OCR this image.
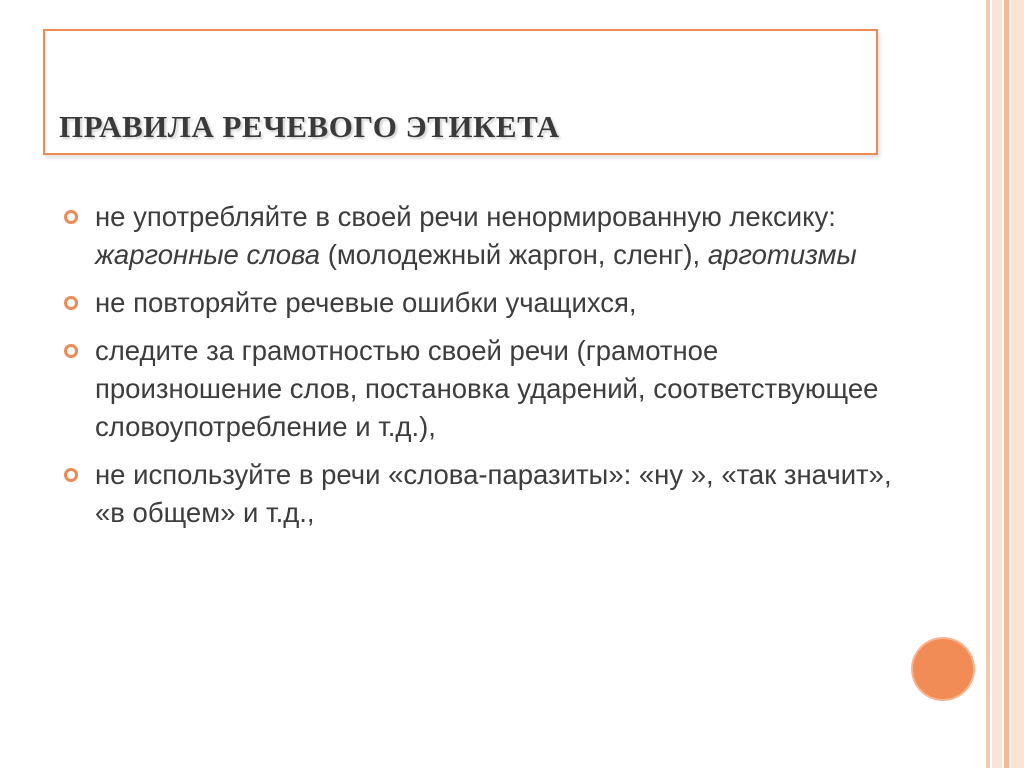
ПРАВИЛА РЕЧЕВОГО ЭТИКЕТА
не употребляйте в своей речи ненормированную лексику: жаргонные слова (молодежный жаргон, сленг), арготизмы
не повторяйте речевые ошибки учащихся,
следите за грамотностью своей речи (грамотное произношение слов, постановка ударений, соответствующее словоупотребление и т.д.),
не используйте в речи «слова-паразиты»: «ну », «так значит», «в общем» и т.д.,
